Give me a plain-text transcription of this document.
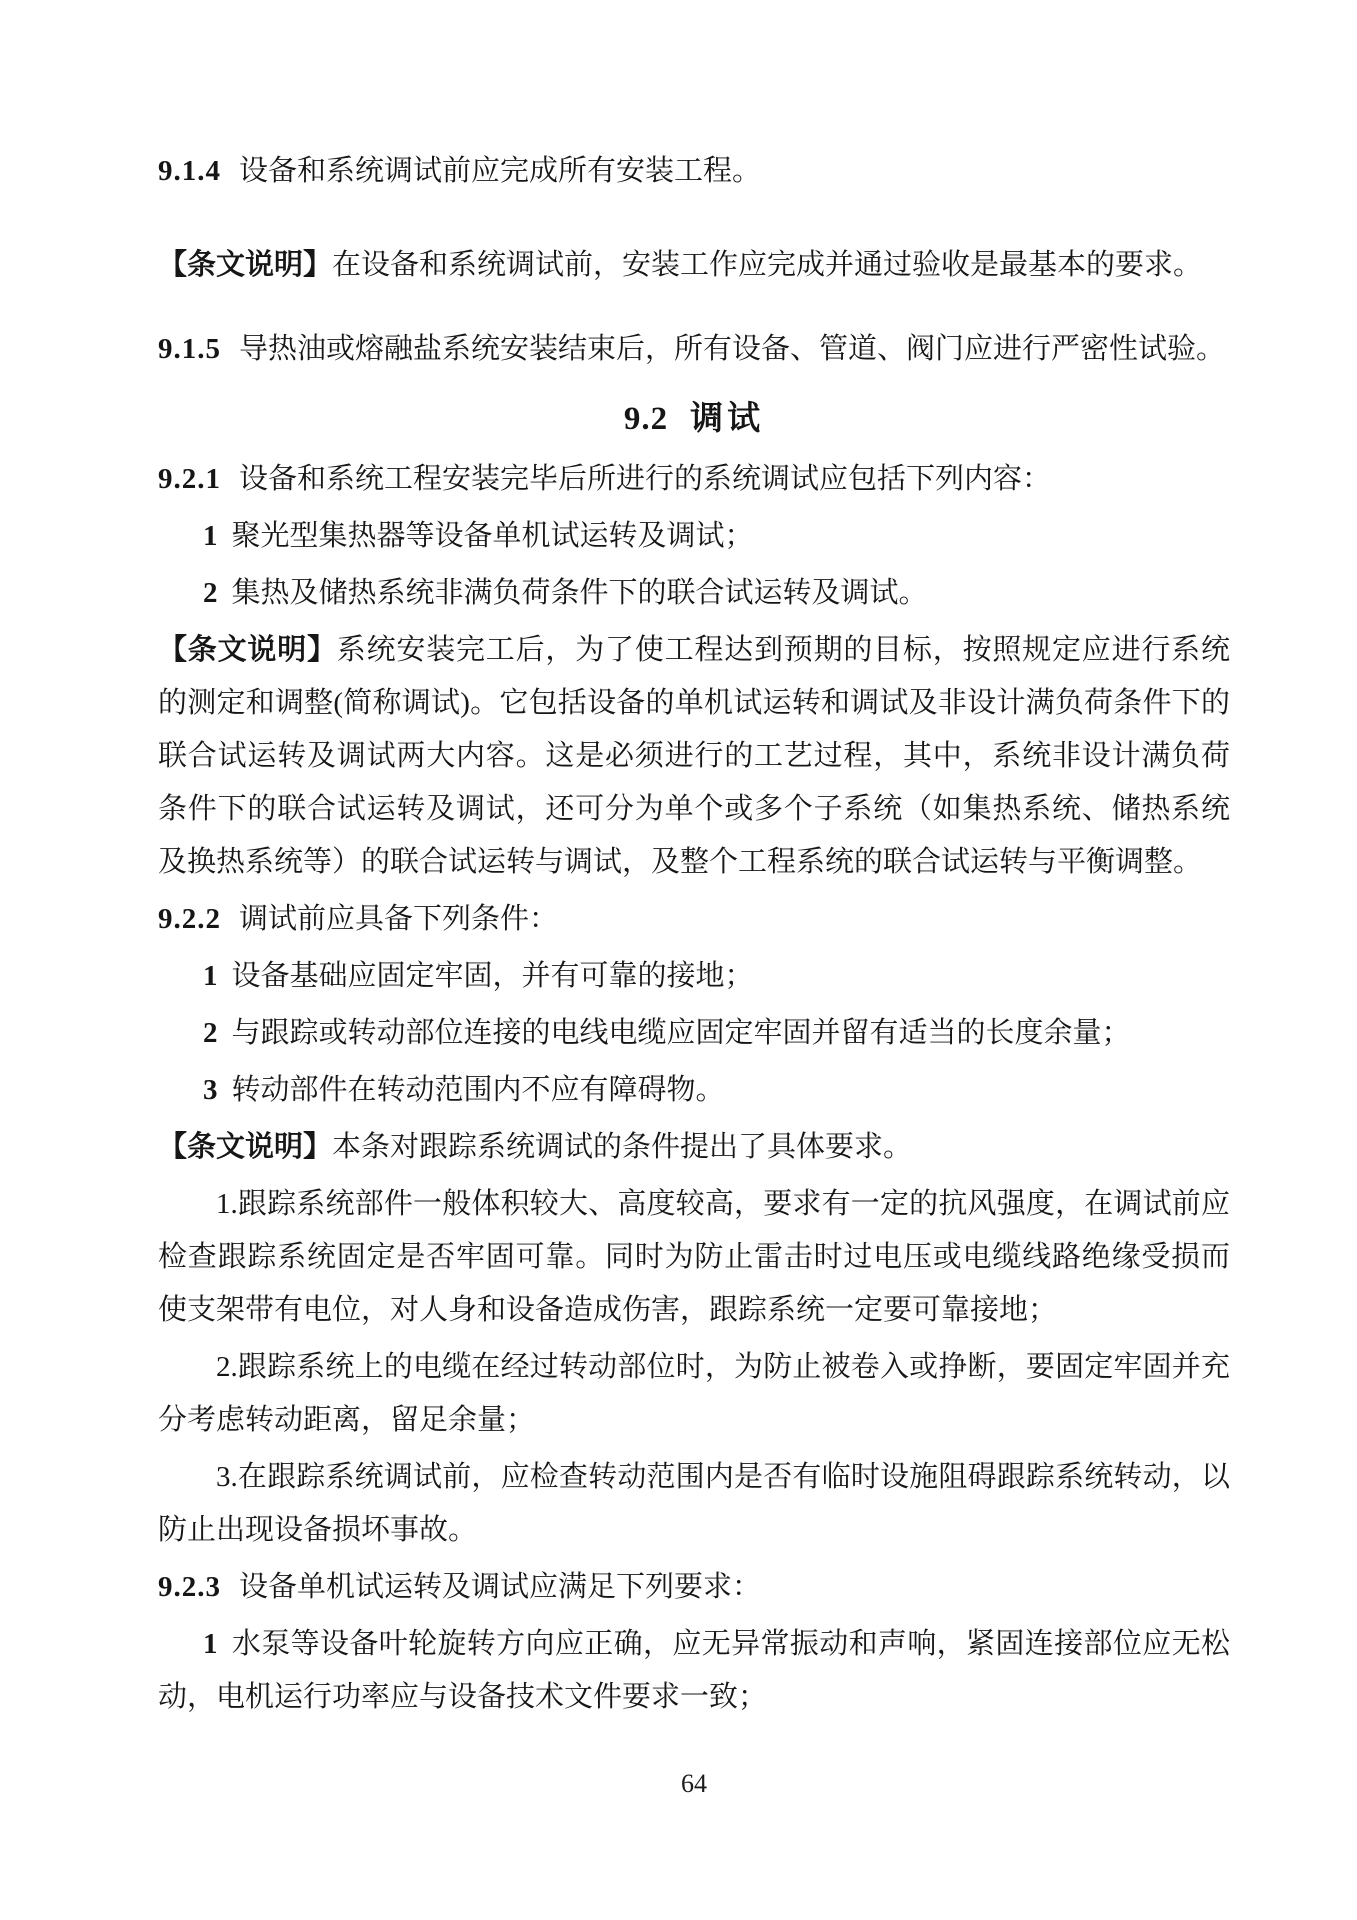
9.1.4 设备和系统调试前应完成所有安装工程。

【条文说明】在设备和系统调试前，安装工作应完成并通过验收是最基本的要求。

9.1.5 导热油或熔融盐系统安装结束后，所有设备、管道、阀门应进行严密性试验。

9.2 调试

9.2.1 设备和系统工程安装完毕后所进行的系统调试应包括下列内容：

1 聚光型集热器等设备单机试运转及调试；

2 集热及储热系统非满负荷条件下的联合试运转及调试。

【条文说明】系统安装完工后，为了使工程达到预期的目标，按照规定应进行系统的测定和调整(简称调试)。它包括设备的单机试运转和调试及非设计满负荷条件下的联合试运转及调试两大内容。这是必须进行的工艺过程，其中，系统非设计满负荷条件下的联合试运转及调试，还可分为单个或多个子系统（如集热系统、储热系统及换热系统等）的联合试运转与调试，及整个工程系统的联合试运转与平衡调整。

9.2.2 调试前应具备下列条件：

1 设备基础应固定牢固，并有可靠的接地；

2 与跟踪或转动部位连接的电线电缆应固定牢固并留有适当的长度余量；

3 转动部件在转动范围内不应有障碍物。

【条文说明】本条对跟踪系统调试的条件提出了具体要求。

1.跟踪系统部件一般体积较大、高度较高，要求有一定的抗风强度，在调试前应检查跟踪系统固定是否牢固可靠。同时为防止雷击时过电压或电缆线路绝缘受损而使支架带有电位，对人身和设备造成伤害，跟踪系统一定要可靠接地；

2.跟踪系统上的电缆在经过转动部位时，为防止被卷入或挣断，要固定牢固并充分考虑转动距离，留足余量；

3.在跟踪系统调试前，应检查转动范围内是否有临时设施阻碍跟踪系统转动，以防止出现设备损坏事故。

9.2.3 设备单机试运转及调试应满足下列要求：

1 水泵等设备叶轮旋转方向应正确，应无异常振动和声响，紧固连接部位应无松动，电机运行功率应与设备技术文件要求一致；

64
